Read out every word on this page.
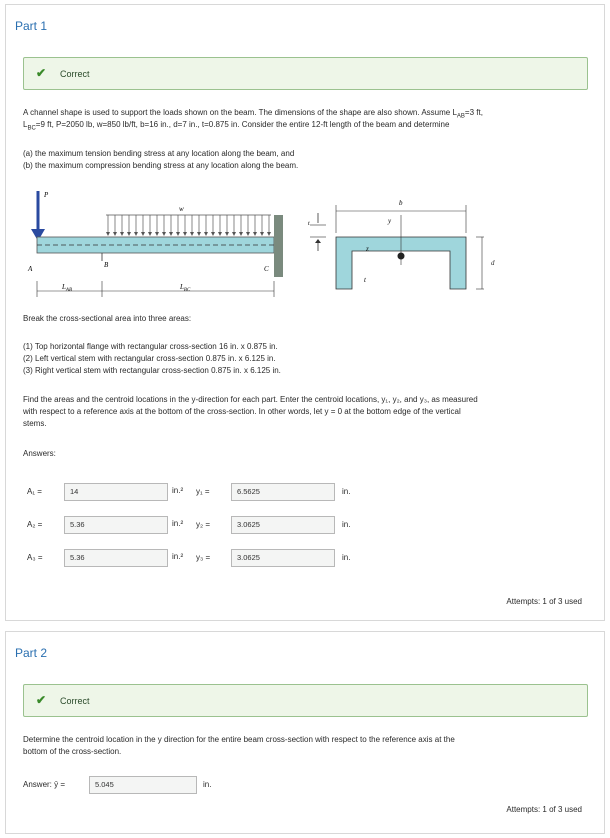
Part 1
✔ Correct
A channel shape is used to support the loads shown on the beam. The dimensions of the shape are also shown. Assume $L_{AB}=3$ ft,
$L_{BC}=9$ ft, P=2050 lb, w=850 lb/ft, b=16 in., d=7 in., t=0.875 in. Consider the entire 12-ft length of the beam and determine
(a) the maximum tension bending stress at any location along the beam, and
(b) the maximum compression bending stress at any location along the beam.
P
w
A	B	C
$L_{AB}$	$L_{BC}$
b
y
z
t
t
d
Break the cross-sectional area into three areas:
(1) Top horizontal flange with rectangular cross-section 16 in. x 0.875 in.
(2) Left vertical stem with rectangular cross-section 0.875 in. x 6.125 in.
(3) Right vertical stem with rectangular cross-section 0.875 in. x 6.125 in.
Find the areas and the centroid locations in the y-direction for each part. Enter the centroid locations, y₁, y₂, and y₃, as measured
with respect to a reference axis at the bottom of the cross-section. In other words, let y = 0 at the bottom edge of the vertical
stems.
Answers:
A₁ =	14	in.² y₁ =	6.5625	in.
A₂ =	5.36	in.² y₂ =	3.0625	in.
A₃ =	5.36	in.² y₃ =	3.0625	in.
Attempts: 1 of 3 used
Part 2
✔ Correct
Determine the centroid location in the y direction for the entire beam cross-section with respect to the reference axis at the
bottom of the cross-section.
Answer: ȳ =	5.045	in.
Attempts: 1 of 3 used
